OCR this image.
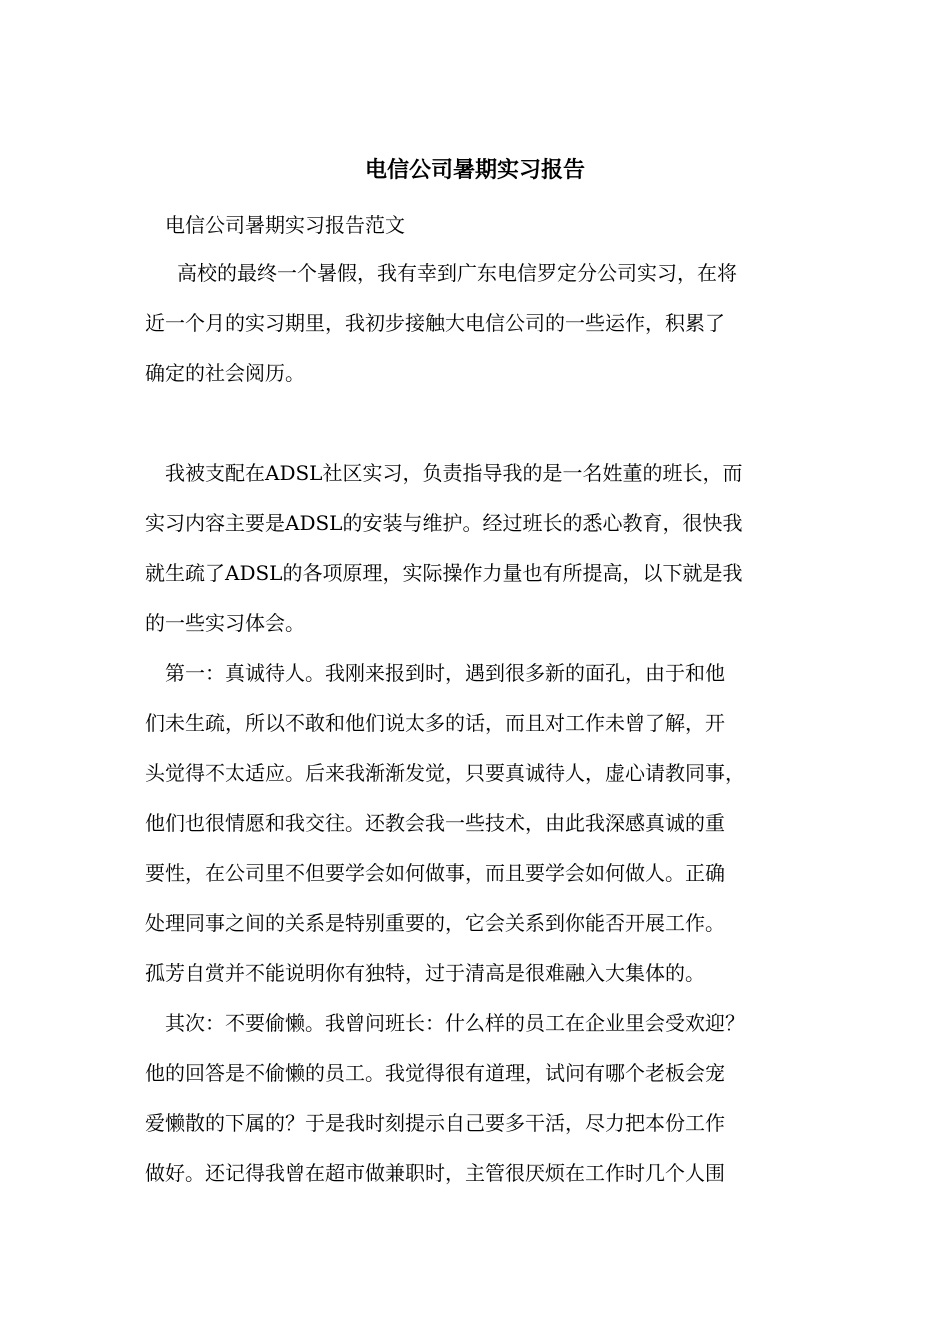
电信公司暑期实习报告

电信公司暑期实习报告范文

高校的最终一个暑假，我有幸到广东电信罗定分公司实习，在将
近一个月的实习期里，我初步接触大电信公司的一些运作，积累了
确定的社会阅历。
我被支配在ADSL社区实习，负责指导我的是一名姓董的班长，而
实习内容主要是ADSL的安装与维护。经过班长的悉心教育，很快我
就生疏了ADSL的各项原理，实际操作力量也有所提高，以下就是我
的一些实习体会。
第一：真诚待人。我刚来报到时，遇到很多新的面孔，由于和他
们未生疏，所以不敢和他们说太多的话，而且对工作未曾了解，开
头觉得不太适应。后来我渐渐发觉，只要真诚待人，虚心请教同事，
他们也很情愿和我交往。还教会我一些技术，由此我深感真诚的重
要性，在公司里不但要学会如何做事，而且要学会如何做人。正确
处理同事之间的关系是特别重要的，它会关系到你能否开展工作。
孤芳自赏并不能说明你有独特，过于清高是很难融入大集体的。
其次：不要偷懒。我曾问班长：什么样的员工在企业里会受欢迎？
他的回答是不偷懒的员工。我觉得很有道理，试问有哪个老板会宠
爱懒散的下属的？于是我时刻提示自己要多干活，尽力把本份工作
做好。还记得我曾在超市做兼职时，主管很厌烦在工作时几个人围
